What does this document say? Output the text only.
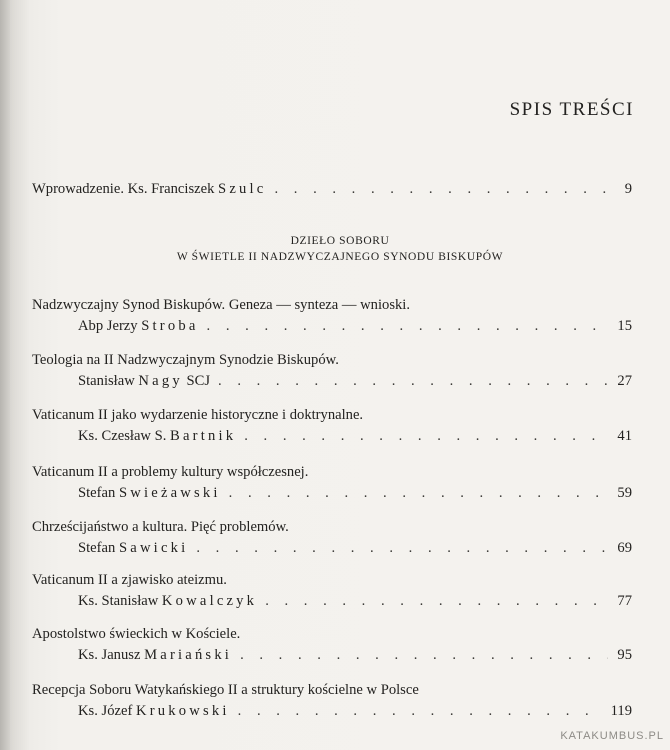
SPIS TREŚCI
Wprowadzenie. Ks. Franciszek Szulc . . .	9
DZIEŁO SOBORU
W ŚWIETLE II NADZWYCZAJNEGO SYNODU BISKUPÓW
Nadzwyczajny Synod Biskupów. Geneza — synteza — wnioski.
Abp Jerzy Stroba . . .	15
Teologia na II Nadzwyczajnym Synodzie Biskupów.
Stanisław Nagy SCJ . . .	27
Vaticanum II jako wydarzenie historyczne i doktrynalne.
Ks. Czesław S. Bartnik . . .	41
Vaticanum II a problemy kultury współczesnej.
Stefan Swieżawski . . .	59
Chrześcijaństwo a kultura. Pięć problemów.
Stefan Sawicki . . .	69
Vaticanum II a zjawisko ateizmu.
Ks. Stanisław Kowalczyk . . .	77
Apostolstwo świeckich w Kościele.
Ks. Janusz Mariański . . .	95
Recepcja Soboru Watykańskiego II a struktury kościelne w Polsce
Ks. Józef Krukowski . . .	119
KATAKUMBUS.PL
